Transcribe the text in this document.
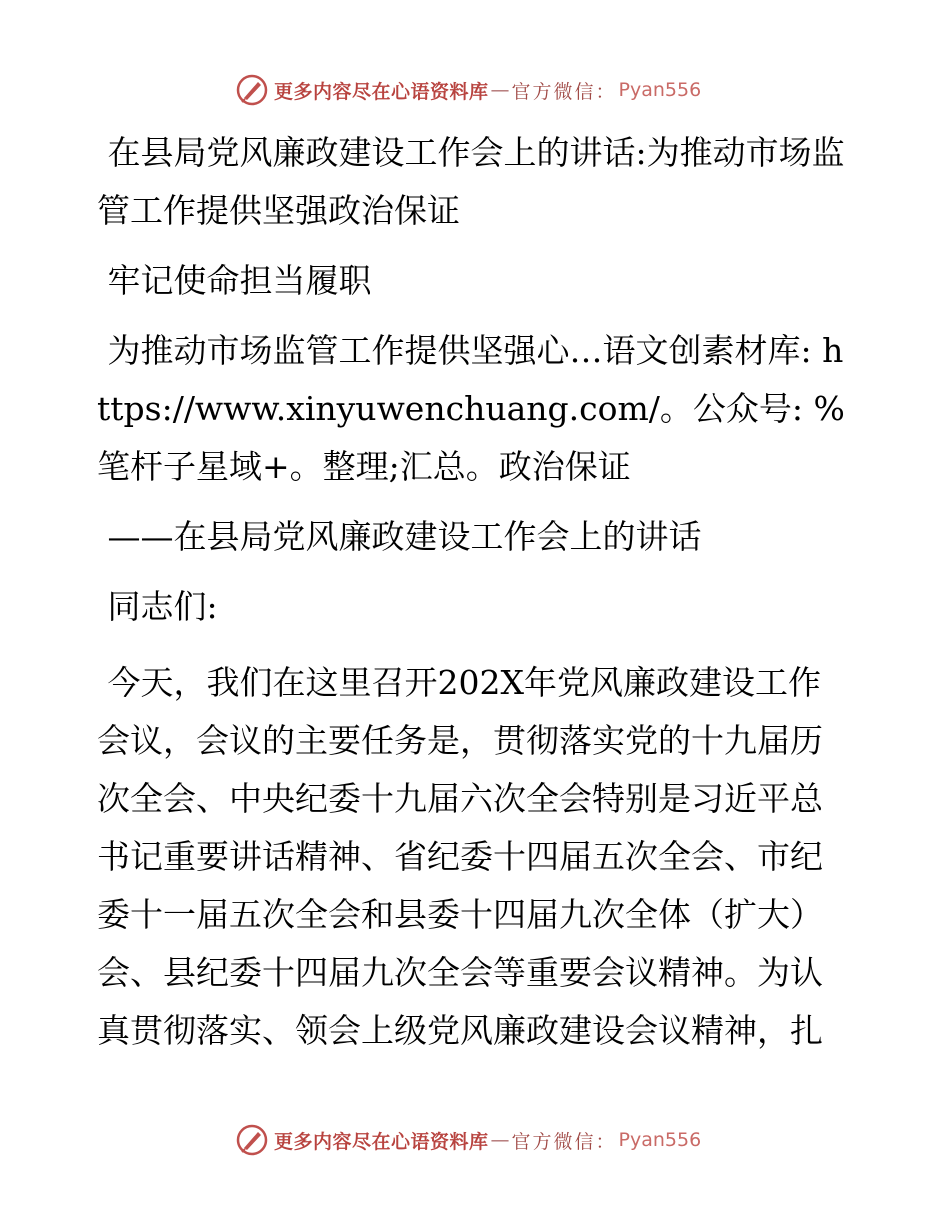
更多内容尽在心语资料库 — 官方微信： Pyan556

在县局党风廉政建设工作会上的讲话:为推动市场监管工作提供坚强政治保证

牢记使命担当履职

为推动市场监管工作提供坚强心…语文创素材库: https://www.xinyuwenchuang.com/。公众号: %笔杆子星域+。整理;汇总。政治保证

——在县局党风廉政建设工作会上的讲话

同志们:

今天，我们在这里召开202X年党风廉政建设工作会议，会议的主要任务是，贯彻落实党的十九届历次全会、中央纪委十九届六次全会特别是习近平总书记重要讲话精神、省纪委十四届五次全会、市纪委十一届五次全会和县委十四届九次全体（扩大）会、县纪委十四届九次全会等重要会议精神。为认真贯彻落实、领会上级党风廉政建设会议精神，扎

更多内容尽在心语资料库 — 官方微信： Pyan556
